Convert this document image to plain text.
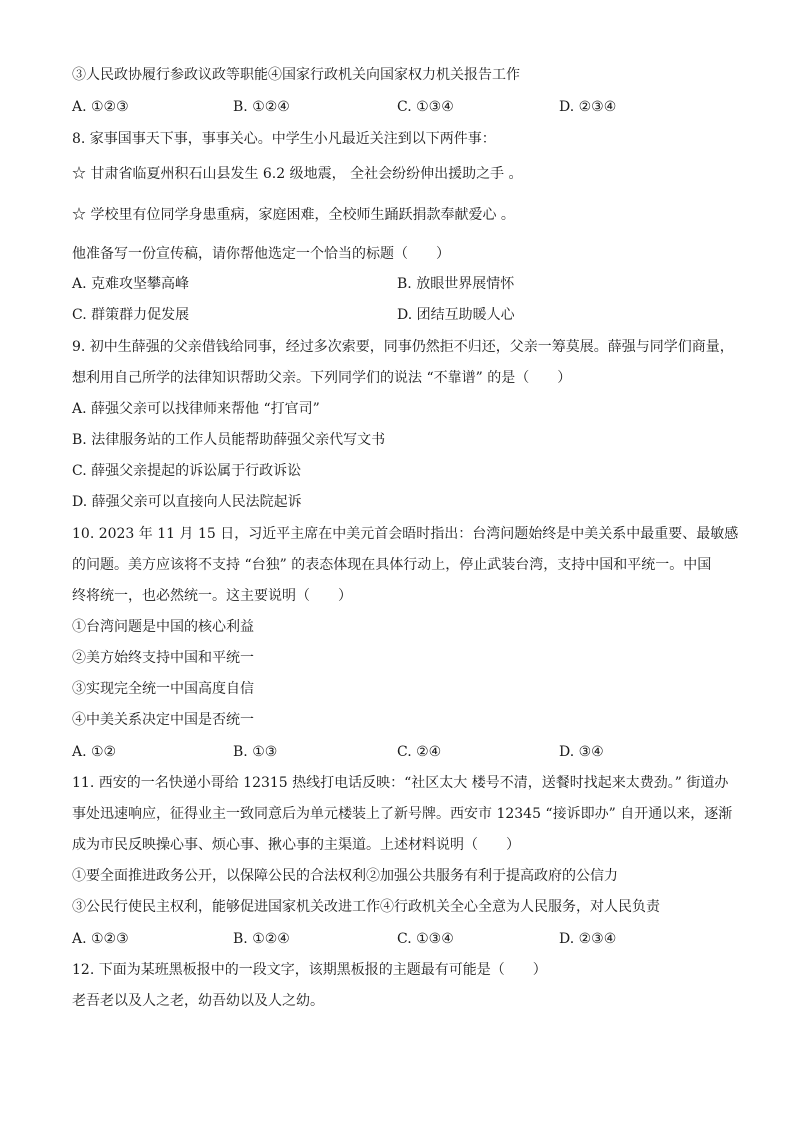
③人民政协履行参政议政等职能④国家行政机关向国家权力机关报告工作
A. ①②③	B. ①②④	C. ①③④	D. ②③④
8. 家事国事天下事，事事关心。中学生小凡最近关注到以下两件事：
☆ 甘肃省临夏州积石山县发生 6.2 级地震， 全社会纷纷伸出援助之手 。
☆ 学校里有位同学身患重病，家庭困难，全校师生踊跃捐款奉献爱心 。
他准备写一份宣传稿，请你帮他选定一个恰当的标题（　　）
A. 克难攻坚攀高峰	B. 放眼世界展情怀
C. 群策群力促发展	D. 团结互助暖人心
9. 初中生薛强的父亲借钱给同事，经过多次索要，同事仍然拒不归还，父亲一筹莫展。薛强与同学们商量，
想利用自己所学的法律知识帮助父亲。下列同学们的说法 “不靠谱” 的是（　　）
A. 薛强父亲可以找律师来帮他 “打官司”
B. 法律服务站的工作人员能帮助薛强父亲代写文书
C. 薛强父亲提起的诉讼属于行政诉讼
D. 薛强父亲可以直接向人民法院起诉
10. 2023 年 11 月 15 日，习近平主席在中美元首会晤时指出：台湾问题始终是中美关系中最重要、最敏感
的问题。美方应该将不支持 “台独” 的表态体现在具体行动上，停止武装台湾，支持中国和平统一。中国
终将统一，也必然统一。这主要说明（　　）
①台湾问题是中国的核心利益
②美方始终支持中国和平统一
③实现完全统一中国高度自信
④中美关系决定中国是否统一
A. ①②	B. ①③	C. ②④	D. ③④
11. 西安的一名快递小哥给 12315 热线打电话反映：“社区太大 楼号不清，送餐时找起来太费劲。” 街道办
事处迅速响应，征得业主一致同意后为单元楼装上了新号牌。西安市 12345 “接诉即办” 自开通以来，逐渐
成为市民反映操心事、烦心事、揪心事的主渠道。上述材料说明（　　）
①要全面推进政务公开，以保障公民的合法权利②加强公共服务有利于提高政府的公信力
③公民行使民主权利，能够促进国家机关改进工作④行政机关全心全意为人民服务，对人民负责
A. ①②③	B. ①②④	C. ①③④	D. ②③④
12. 下面为某班黑板报中的一段文字，该期黑板报的主题最有可能是（　　）
老吾老以及人之老，幼吾幼以及人之幼。
